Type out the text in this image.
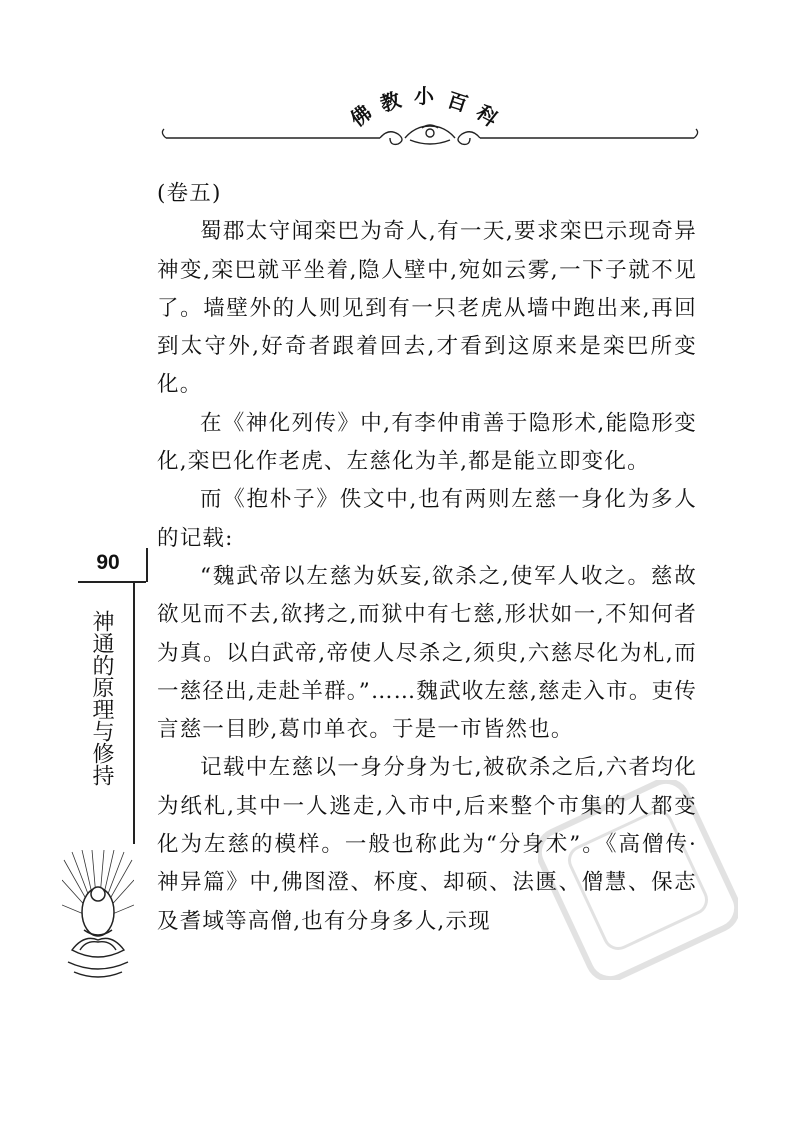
佛 教 小 百 科

(卷五)

蜀郡太守闻栾巴为奇人,有一天,要求栾巴示现奇异神变,栾巴就平坐着,隐人壁中,宛如云雾,一下子就不见了。墙壁外的人则见到有一只老虎从墙中跑出来,再回到太守外,好奇者跟着回去,才看到这原来是栾巴所变化。

在《神化列传》中,有李仲甫善于隐形术,能隐形变化,栾巴化作老虎、左慈化为羊,都是能立即变化。

而《抱朴子》佚文中,也有两则左慈一身化为多人的记载:

“魏武帝以左慈为妖妄,欲杀之,使军人收之。慈故欲见而不去,欲拷之,而狱中有七慈,形状如一,不知何者为真。以白武帝,帝使人尽杀之,须臾,六慈尽化为札,而一慈径出,走赴羊群。”……魏武收左慈,慈走入市。吏传言慈一目眇,葛巾单衣。于是一市皆然也。

记载中左慈以一身分身为七,被砍杀之后,六者均化为纸札,其中一人逃走,入市中,后来整个市集的人都变化为左慈的模样。一般也称此为“分身术”。《高僧传·神异篇》中,佛图澄、杯度、却硕、法匮、僧慧、保志及耆域等高僧,也有分身多人,示现

90
神通的原理与修持
